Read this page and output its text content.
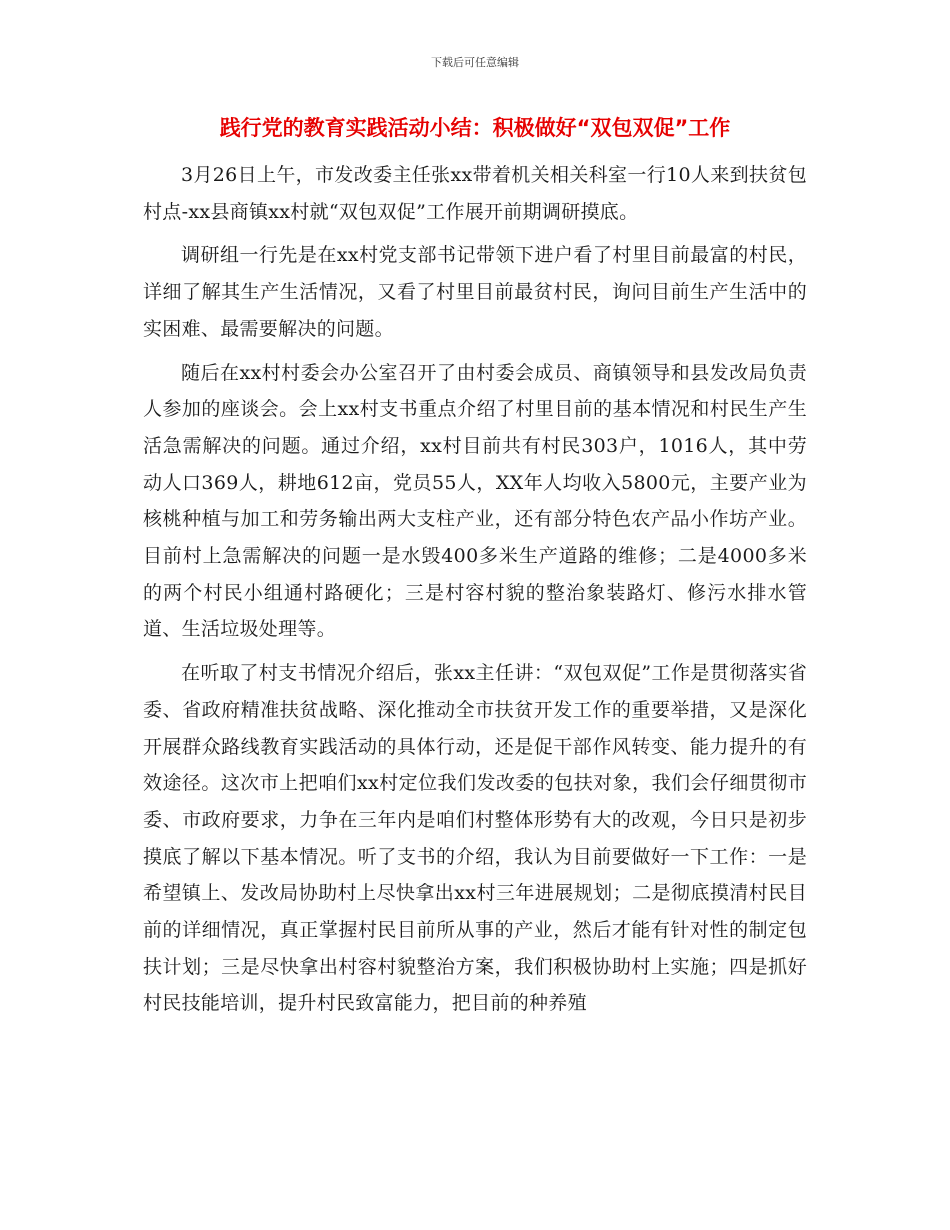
下载后可任意编辑
践行党的教育实践活动小结：积极做好“双包双促”工作

3月26日上午，市发改委主任张xx带着机关相关科室一行10人来到扶贫包村点-xx县商镇xx村就“双包双促”工作展开前期调研摸底。

调研组一行先是在xx村党支部书记带领下进户看了村里目前最富的村民，详细了解其生产生活情况，又看了村里目前最贫村民，询问目前生产生活中的实困难、最需要解决的问题。

随后在xx村村委会办公室召开了由村委会成员、商镇领导和县发改局负责人参加的座谈会。会上xx村支书重点介绍了村里目前的基本情况和村民生产生活急需解决的问题。通过介绍，xx村目前共有村民303户，1016人，其中劳动人口369人，耕地612亩，党员55人，XX年人均收入5800元，主要产业为核桃种植与加工和劳务输出两大支柱产业，还有部分特色农产品小作坊产业。目前村上急需解决的问题一是水毁400多米生产道路的维修；二是4000多米的两个村民小组通村路硬化；三是村容村貌的整治象装路灯、修污水排水管道、生活垃圾处理等。

在听取了村支书情况介绍后，张xx主任讲：“双包双促”工作是贯彻落实省委、省政府精准扶贫战略、深化推动全市扶贫开发工作的重要举措，又是深化开展群众路线教育实践活动的具体行动，还是促干部作风转变、能力提升的有效途径。这次市上把咱们xx村定位我们发改委的包扶对象，我们会仔细贯彻市委、市政府要求，力争在三年内是咱们村整体形势有大的改观，今日只是初步摸底了解以下基本情况。听了支书的介绍，我认为目前要做好一下工作：一是希望镇上、发改局协助村上尽快拿出xx村三年进展规划；二是彻底摸清村民目前的详细情况，真正掌握村民目前所从事的产业，然后才能有针对性的制定包扶计划；三是尽快拿出村容村貌整治方案，我们积极协助村上实施；四是抓好村民技能培训，提升村民致富能力，把目前的种养殖
